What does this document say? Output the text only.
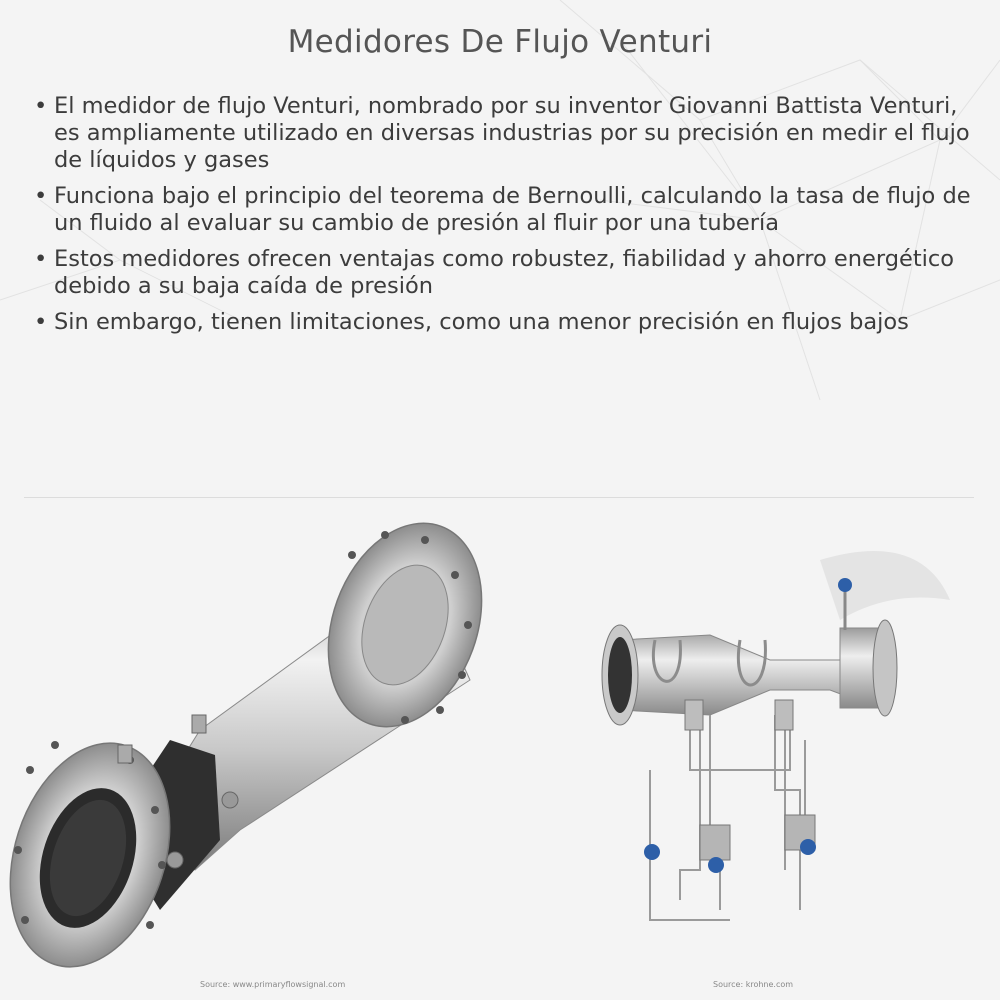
Medidores De Flujo Venturi
• El medidor de flujo Venturi, nombrado por su inventor Giovanni Battista Venturi, es ampliamente utilizado en diversas industrias por su precisión en medir el flujo de líquidos y gases
• Funciona bajo el principio del teorema de Bernoulli, calculando la tasa de flujo de un fluido al evaluar su cambio de presión al fluir por una tubería
• Estos medidores ofrecen ventajas como robustez, fiabilidad y ahorro energético debido a su baja caída de presión
• Sin embargo, tienen limitaciones, como una menor precisión en flujos bajos
Source: www.primaryflowsignal.com	Source: krohne.com
